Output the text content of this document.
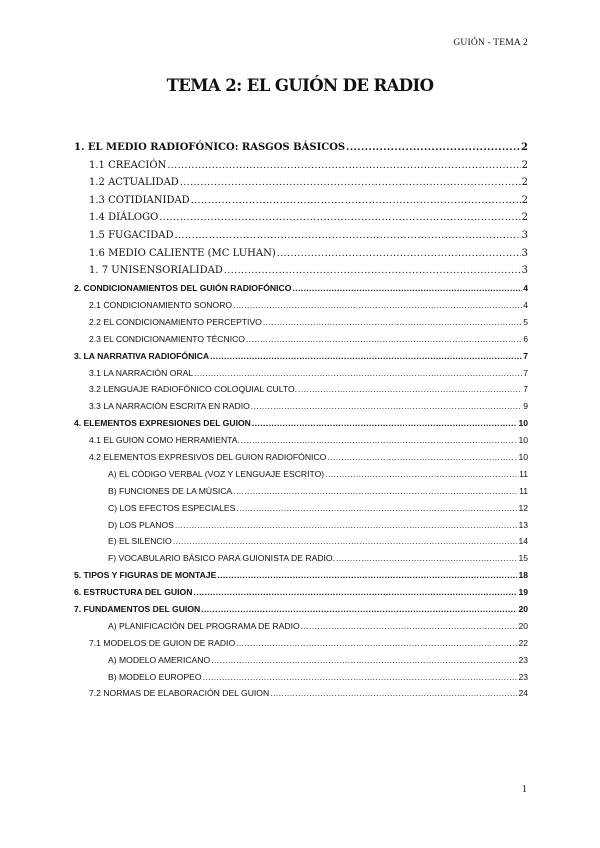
GUIÓN - TEMA 2
TEMA 2: EL GUIÓN DE RADIO
1. EL MEDIO RADIOFÓNICO: RASGOS BÁSICOS .....	2
1.1 CREACIÓN .....	2
1.2 ACTUALIDAD .....	2
1.3 COTIDIANIDAD .....	2
1.4 DIÁLOGO .....	2
1.5 FUGACIDAD .....	3
1.6 MEDIO CALIENTE (MC LUHAN) .....	3
1. 7 UNISENSORIALIDAD .....	3
2. CONDICIONAMIENTOS DEL GUIÓN RADIOFÓNICO .....	4
2.1 CONDICIONAMIENTO SONORO .....	4
2.2 EL CONDICIONAMIENTO PERCEPTIVO .....	5
2.3 EL CONDICIONAMIENTO TÉCNICO .....	6
3. LA NARRATIVA RADIOFÓNICA .....	7
3.1 LA NARRACIÓN ORAL .....	7
3.2 LENGUAJE RADIOFÓNICO COLOQUIAL CULTO. .....	7
3.3 LA NARRACIÓN ESCRITA EN RADIO .....	9
4. ELEMENTOS EXPRESIONES DEL GUION .....	10
4.1 EL GUION COMO HERRAMIENTA. .....	10
4.2 ELEMENTOS EXPRESIVOS DEL GUION RADIOFÓNICO .....	10
A) EL CÓDIGO VERBAL (VOZ Y LENGUAJE ESCRITO) .....	11
B) FUNCIONES DE LA MÚSICA .....	11
C) LOS EFECTOS ESPECIALES .....	12
D) LOS PLANOS .....	13
E) EL SILENCIO .....	14
F) VOCABULARIO BÁSICO PARA GUIONISTA DE RADIO. .....	15
5. TIPOS Y FIGURAS DE MONTAJE .....	18
6. ESTRUCTURA DEL GUION .....	19
7. FUNDAMENTOS DEL GUION .....	20
A) PLANIFICACIÓN DEL PROGRAMA DE RADIO .....	20
7.1 MODELOS DE GUION DE RADIO .....	22
A) MODELO AMERICANO .....	23
B) MODELO EUROPEO .....	23
7.2 NORMAS DE ELABORACIÓN DEL GUION .....	24
1
